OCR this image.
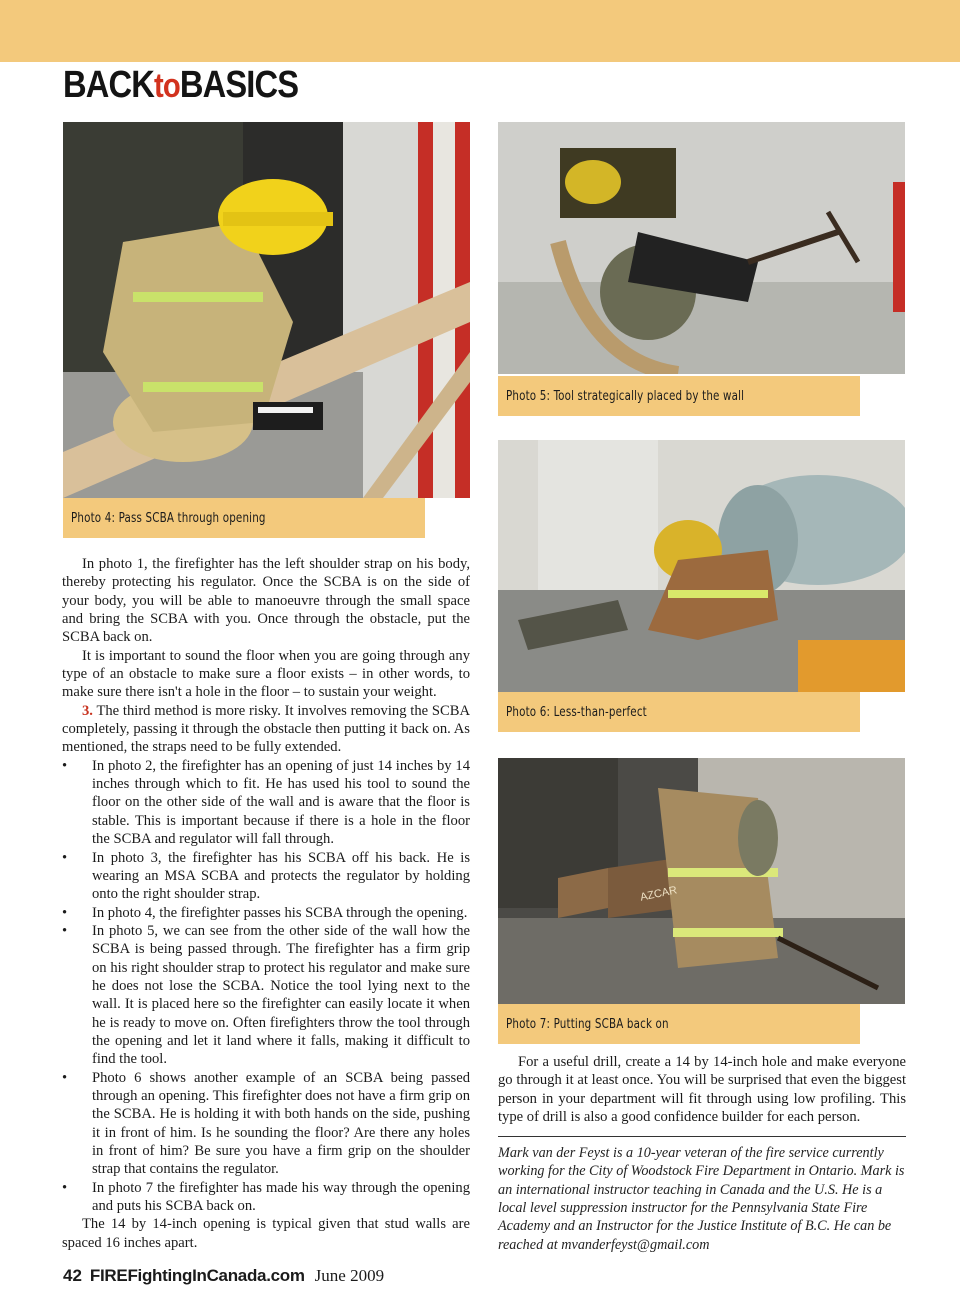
BACKtoBASICS
Photo 4: Pass SCBA through opening
Photo 5: Tool strategically placed by the wall
Photo 6: Less-than-perfect
AZCAR
Photo 7: Putting SCBA back on

In photo 1, the firefighter has the left shoulder strap on his body, thereby protecting his regulator. Once the SCBA is on the side of your body, you will be able to manoeuvre through the small space and bring the SCBA with you. Once through the obstacle, put the SCBA back on.

It is important to sound the floor when you are going through any type of an obstacle to make sure a floor exists – in other words, to make sure there isn't a hole in the floor – to sustain your weight.

3. The third method is more risky. It involves removing the SCBA completely, passing it through the obstacle then putting it back on. As mentioned, the straps need to be fully extended.

• In photo 2, the firefighter has an opening of just 14 inches by 14 inches through which to fit. He has used his tool to sound the floor on the other side of the wall and is aware that the floor is stable. This is important because if there is a hole in the floor the SCBA and regulator will fall through.
• In photo 3, the firefighter has his SCBA off his back. He is wearing an MSA SCBA and protects the regulator by holding onto the right shoulder strap.
• In photo 4, the firefighter passes his SCBA through the opening.
• In photo 5, we can see from the other side of the wall how the SCBA is being passed through. The firefighter has a firm grip on his right shoulder strap to protect his regulator and make sure he does not lose the SCBA. Notice the tool lying next to the wall. It is placed here so the firefighter can easily locate it when he is ready to move on. Often firefighters throw the tool through the opening and let it land where it falls, making it difficult to find the tool.
• Photo 6 shows another example of an SCBA being passed through an opening. This firefighter does not have a firm grip on the SCBA. He is holding it with both hands on the side, pushing it in front of him. Is he sounding the floor? Are there any holes in front of him? Be sure you have a firm grip on the shoulder strap that contains the regulator.
• In photo 7 the firefighter has made his way through the opening and puts his SCBA back on.

The 14 by 14-inch opening is typical given that stud walls are spaced 16 inches apart.

For a useful drill, create a 14 by 14-inch hole and make everyone go through it at least once. You will be surprised that even the biggest person in your department will fit through using low profiling. This type of drill is also a good confidence builder for each person.

Mark van der Feyst is a 10-year veteran of the fire service currently working for the City of Woodstock Fire Department in Ontario. Mark is an international instructor teaching in Canada and the U.S. He is a local level suppression instructor for the Pennsylvania State Fire Academy and an Instructor for the Justice Institute of B.C. He can be reached at mvanderfeyst@gmail.com
42 FIREFightingInCanada.com June 2009
